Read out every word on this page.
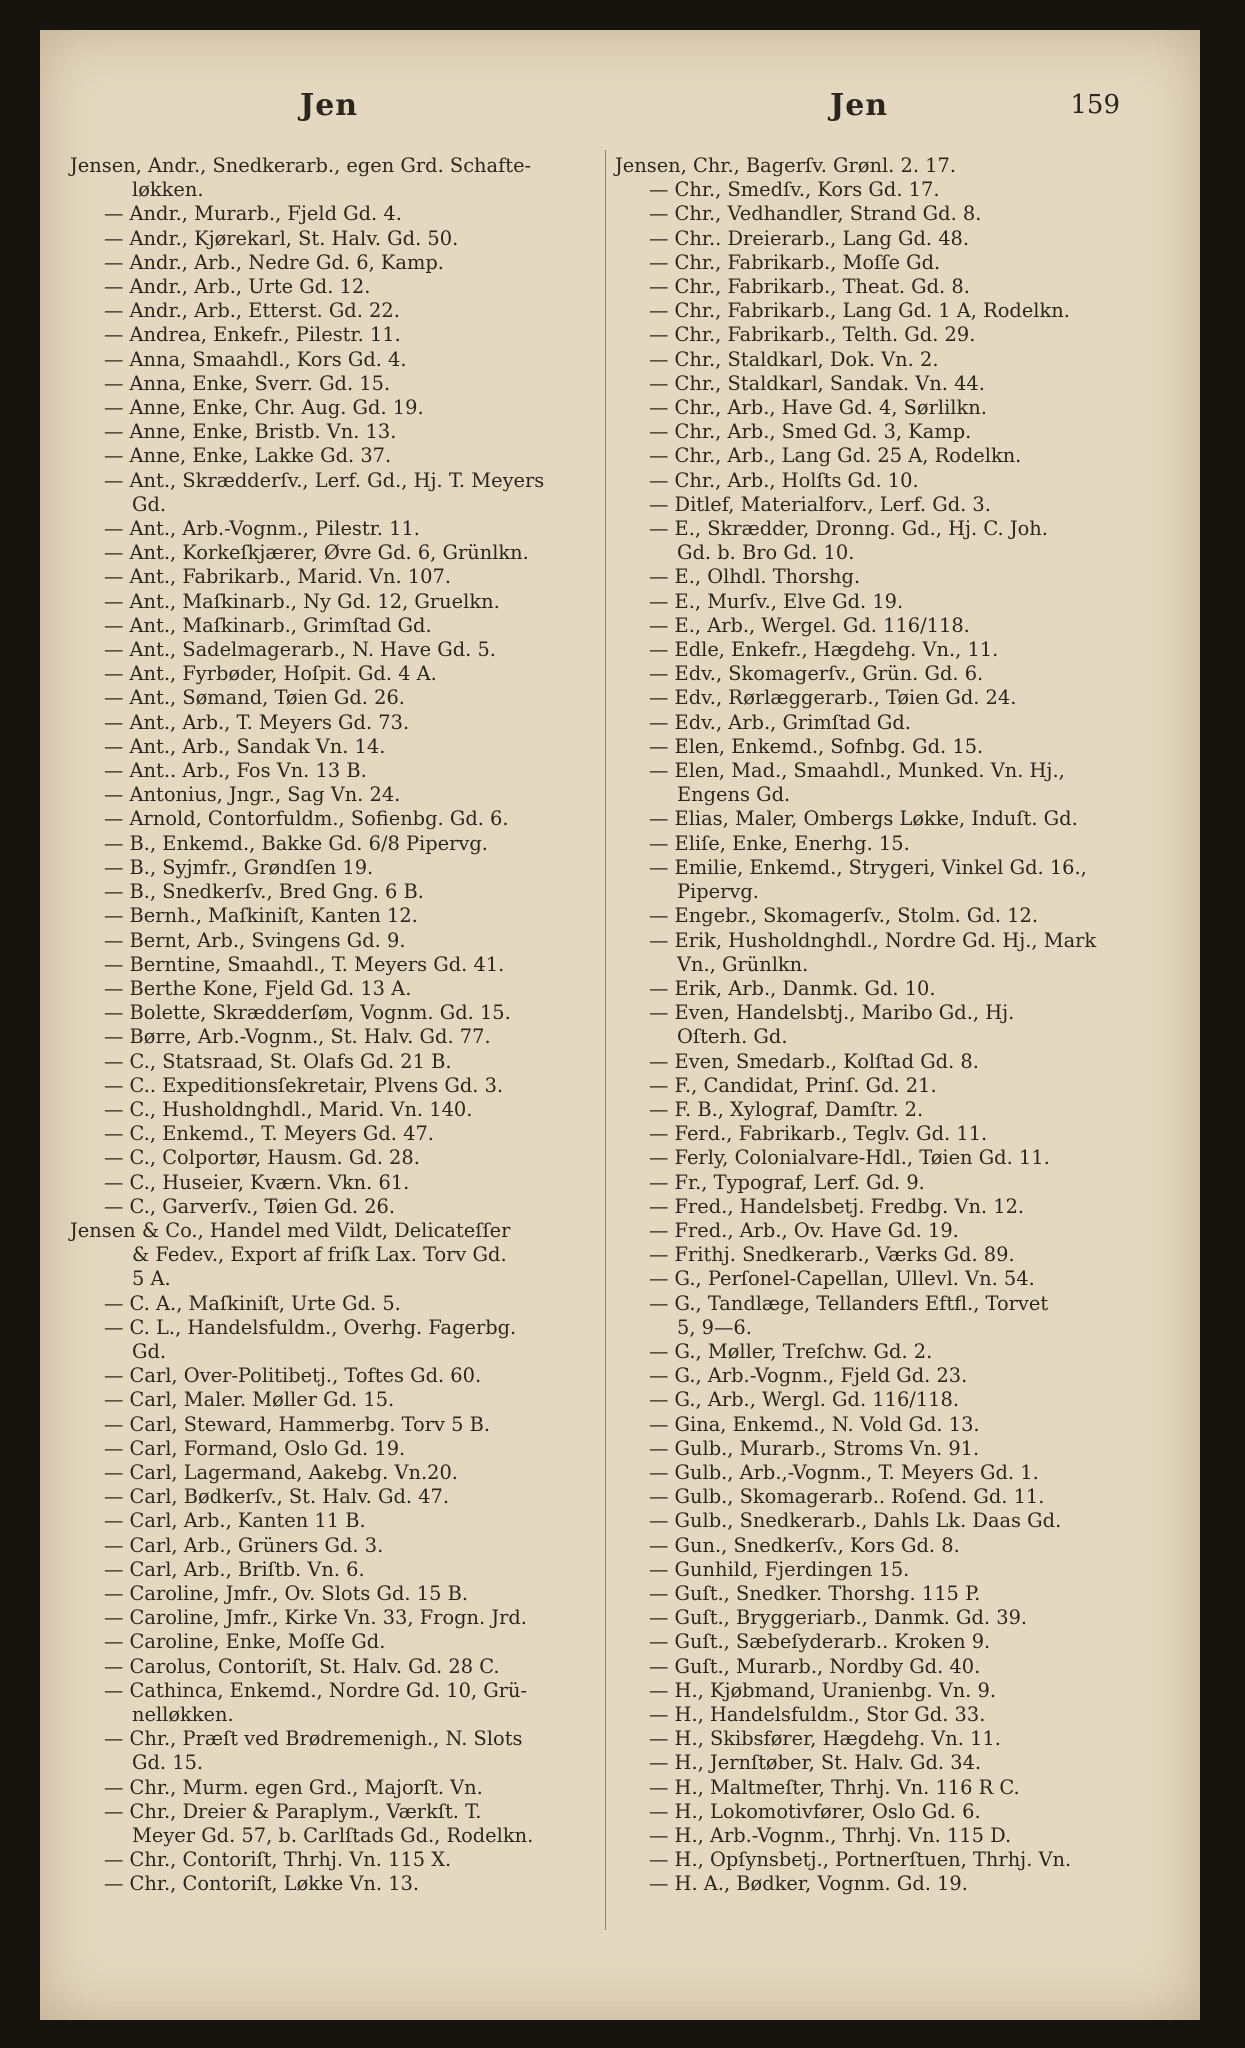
Jen	Jen	159
Jensen, Andr., Snedkerarb., egen Grd. Schafte-
løkken.
— Andr., Murarb., Fjeld Gd. 4.
— Andr., Kjørekarl, St. Halv. Gd. 50.
— Andr., Arb., Nedre Gd. 6, Kamp.
— Andr., Arb., Urte Gd. 12.
— Andr., Arb., Etterst. Gd. 22.
— Andrea, Enkefr., Pilestr. 11.
— Anna, Smaahdl., Kors Gd. 4.
— Anna, Enke, Sverr. Gd. 15.
— Anne, Enke, Chr. Aug. Gd. 19.
— Anne, Enke, Bristb. Vn. 13.
— Anne, Enke, Lakke Gd. 37.
— Ant., Skrædderſv., Lerf. Gd., Hj. T. Meyers
Gd.
— Ant., Arb.-Vognm., Pilestr. 11.
— Ant., Korkeſkjærer, Øvre Gd. 6, Grünlkn.
— Ant., Fabrikarb., Marid. Vn. 107.
— Ant., Maſkinarb., Ny Gd. 12, Gruelkn.
— Ant., Maſkinarb., Grimſtad Gd.
— Ant., Sadelmagerarb., N. Have Gd. 5.
— Ant., Fyrbøder, Hoſpit. Gd. 4 A.
— Ant., Sømand, Tøien Gd. 26.
— Ant., Arb., T. Meyers Gd. 73.
— Ant., Arb., Sandak Vn. 14.
— Ant.. Arb., Fos Vn. 13 B.
— Antonius, Jngr., Sag Vn. 24.
— Arnold, Contorfuldm., Sofienbg. Gd. 6.
— B., Enkemd., Bakke Gd. 6/8 Pipervg.
— B., Syjmfr., Grøndſen 19.
— B., Snedkerſv., Bred Gng. 6 B.
— Bernh., Maſkiniſt, Kanten 12.
— Bernt, Arb., Svingens Gd. 9.
— Berntine, Smaahdl., T. Meyers Gd. 41.
— Berthe Kone, Fjeld Gd. 13 A.
— Bolette, Skrædderſøm, Vognm. Gd. 15.
— Børre, Arb.-Vognm., St. Halv. Gd. 77.
— C., Statsraad, St. Olafs Gd. 21 B.
— C.. Expeditionsſekretair, Plvens Gd. 3.
— C., Husholdnghdl., Marid. Vn. 140.
— C., Enkemd., T. Meyers Gd. 47.
— C., Colportør, Hausm. Gd. 28.
— C., Huseier, Kværn. Vkn. 61.
— C., Garverſv., Tøien Gd. 26.
Jensen & Co., Handel med Vildt, Delicateſſer
& Fedev., Export af friſk Lax. Torv Gd.
5 A.
— C. A., Maſkiniſt, Urte Gd. 5.
— C. L., Handelsfuldm., Overhg. Fagerbg.
Gd.
— Carl, Over-Politibetj., Toftes Gd. 60.
— Carl, Maler. Møller Gd. 15.
— Carl, Steward, Hammerbg. Torv 5 B.
— Carl, Formand, Oslo Gd. 19.
— Carl, Lagermand, Aakebg. Vn.20.
— Carl, Bødkerſv., St. Halv. Gd. 47.
— Carl, Arb., Kanten 11 B.
— Carl, Arb., Grüners Gd. 3.
— Carl, Arb., Briſtb. Vn. 6.
— Caroline, Jmfr., Ov. Slots Gd. 15 B.
— Caroline, Jmfr., Kirke Vn. 33, Frogn. Jrd.
— Caroline, Enke, Moſſe Gd.
— Carolus, Contoriſt, St. Halv. Gd. 28 C.
— Cathinca, Enkemd., Nordre Gd. 10, Grü-
nelløkken.
— Chr., Præſt ved Brødremenigh., N. Slots
Gd. 15.
— Chr., Murm. egen Grd., Majorſt. Vn.
— Chr., Dreier & Paraplym., Værkſt. T.
Meyer Gd. 57, b. Carlſtads Gd., Rodelkn.
— Chr., Contoriſt, Thrhj. Vn. 115 X.
— Chr., Contoriſt, Løkke Vn. 13.
Jensen, Chr., Bagerſv. Grønl. 2. 17.
— Chr., Smedſv., Kors Gd. 17.
— Chr., Vedhandler, Strand Gd. 8.
— Chr.. Dreierarb., Lang Gd. 48.
— Chr., Fabrikarb., Moſſe Gd.
— Chr., Fabrikarb., Theat. Gd. 8.
— Chr., Fabrikarb., Lang Gd. 1 A, Rodelkn.
— Chr., Fabrikarb., Telth. Gd. 29.
— Chr., Staldkarl, Dok. Vn. 2.
— Chr., Staldkarl, Sandak. Vn. 44.
— Chr., Arb., Have Gd. 4, Sørlilkn.
— Chr., Arb., Smed Gd. 3, Kamp.
— Chr., Arb., Lang Gd. 25 A, Rodelkn.
— Chr., Arb., Holſts Gd. 10.
— Ditlef, Materialforv., Lerf. Gd. 3.
— E., Skrædder, Dronng. Gd., Hj. C. Joh.
Gd. b. Bro Gd. 10.
— E., Olhdl. Thorshg.
— E., Murſv., Elve Gd. 19.
— E., Arb., Wergel. Gd. 116/118.
— Edle, Enkefr., Hægdehg. Vn., 11.
— Edv., Skomagerſv., Grün. Gd. 6.
— Edv., Rørlæggerarb., Tøien Gd. 24.
— Edv., Arb., Grimſtad Gd.
— Elen, Enkemd., Sofnbg. Gd. 15.
— Elen, Mad., Smaahdl., Munked. Vn. Hj.,
Engens Gd.
— Elias, Maler, Ombergs Løkke, Induſt. Gd.
— Eliſe, Enke, Enerhg. 15.
— Emilie, Enkemd., Strygeri, Vinkel Gd. 16.,
Pipervg.
— Engebr., Skomagerſv., Stolm. Gd. 12.
— Erik, Husholdnghdl., Nordre Gd. Hj., Mark
Vn., Grünlkn.
— Erik, Arb., Danmk. Gd. 10.
— Even, Handelsbtj., Maribo Gd., Hj.
Oſterh. Gd.
— Even, Smedarb., Kolſtad Gd. 8.
— F., Candidat, Prinſ. Gd. 21.
— F. B., Xylograf, Damſtr. 2.
— Ferd., Fabrikarb., Teglv. Gd. 11.
— Ferly, Colonialvare-Hdl., Tøien Gd. 11.
— Fr., Typograf, Lerf. Gd. 9.
— Fred., Handelsbetj. Fredbg. Vn. 12.
— Fred., Arb., Ov. Have Gd. 19.
— Frithj. Snedkerarb., Værks Gd. 89.
— G., Perſonel-Capellan, Ullevl. Vn. 54.
— G., Tandlæge, Tellanders Eftfl., Torvet
5, 9—6.
— G., Møller, Treſchw. Gd. 2.
— G., Arb.-Vognm., Fjeld Gd. 23.
— G., Arb., Wergl. Gd. 116/118.
— Gina, Enkemd., N. Vold Gd. 13.
— Gulb., Murarb., Stroms Vn. 91.
— Gulb., Arb.,-Vognm., T. Meyers Gd. 1.
— Gulb., Skomagerarb.. Roſend. Gd. 11.
— Gulb., Snedkerarb., Dahls Lk. Daas Gd.
— Gun., Snedkerſv., Kors Gd. 8.
— Gunhild, Fjerdingen 15.
— Guſt., Snedker. Thorshg. 115 P.
— Guſt., Bryggeriarb., Danmk. Gd. 39.
— Guſt., Sæbeſyderarb.. Kroken 9.
— Guſt., Murarb., Nordby Gd. 40.
— H., Kjøbmand, Uranienbg. Vn. 9.
— H., Handelsfuldm., Stor Gd. 33.
— H., Skibsfører, Hægdehg. Vn. 11.
— H., Jernſtøber, St. Halv. Gd. 34.
— H., Maltmeſter, Thrhj. Vn. 116 R C.
— H., Lokomotivfører, Oslo Gd. 6.
— H., Arb.-Vognm., Thrhj. Vn. 115 D.
— H., Opſynsbetj., Portnerſtuen, Thrhj. Vn.
— H. A., Bødker, Vognm. Gd. 19.
